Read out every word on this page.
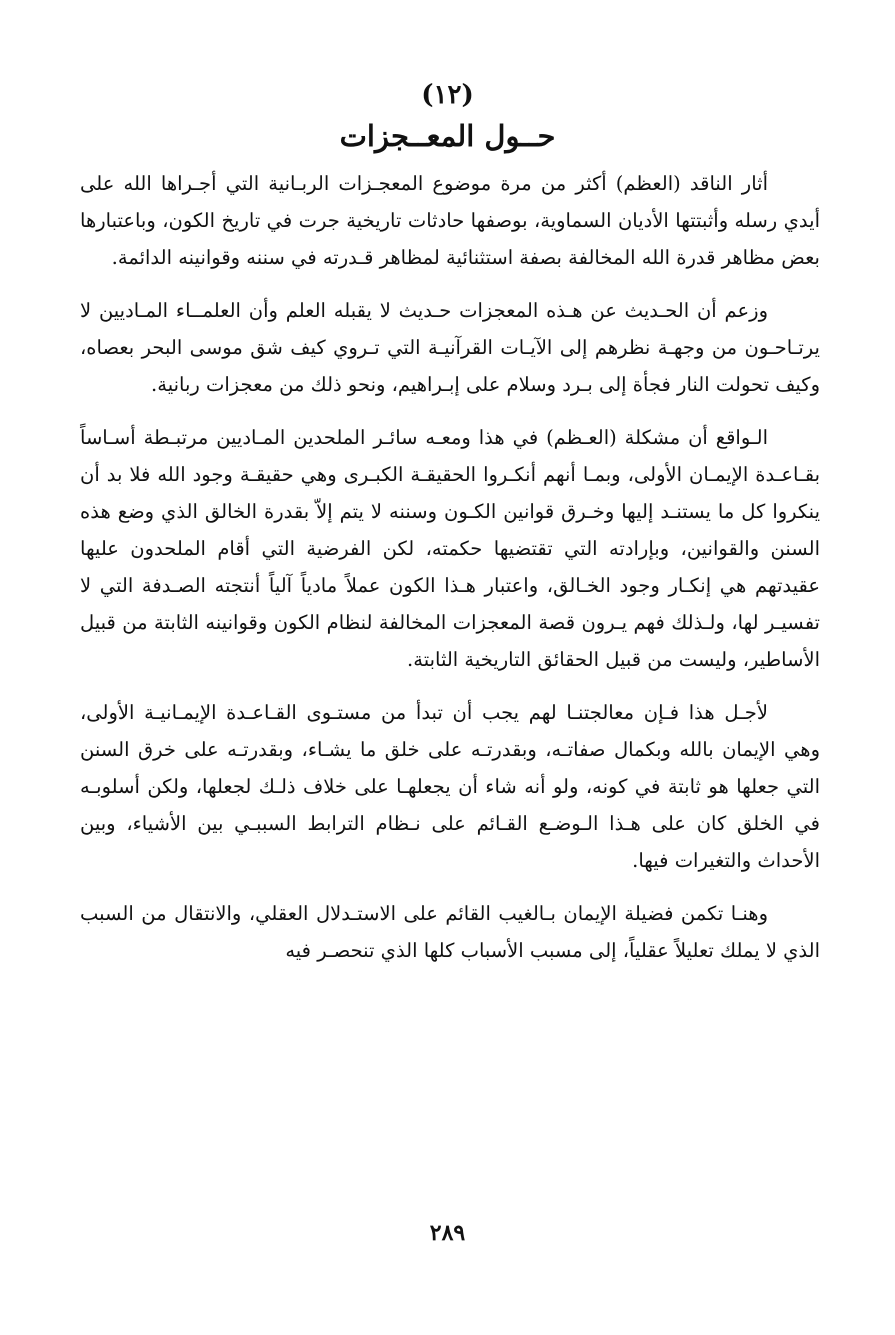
(١٢)
حــول المعــجزات

أثار الناقد (العظم) أكثر من مرة موضوع المعجـزات الربـانية التي أجـراها الله على أيدي رسله وأثبتتها الأديان السماوية، بوصفها حادثات تاريخية جرت في تاريخ الكون، وباعتبارها بعض مظاهر قدرة الله المخالفة بصفة استثنائية لمظاهر قـدرته في سننه وقوانينه الدائمة.

وزعم أن الحـديث عن هـذه المعجزات حـديث لا يقبله العلم وأن العلمــاء المـاديين لا يرتـاحـون من وجهـة نظرهم إلى الآيـات القرآنيـة التي تـروي كيف شق موسى البحر بعصاه، وكيف تحولت النار فجأة إلى بـرد وسلام على إبـراهيم، ونحو ذلك من معجزات ربانية.

الـواقع أن مشكلة (العـظم) في هذا ومعـه سائـر الملحدين المـاديين مرتبـطة أسـاساً بقـاعـدة الإيمـان الأولى، وبمـا أنهم أنكـروا الحقيقـة الكبـرى وهي حقيقـة وجود الله فلا بد أن ينكروا كل ما يستنـد إليها وخـرق قوانين الكـون وسننه لا يتم إلاّ بقدرة الخالق الذي وضع هذه السنن والقوانين، وبإرادته التي تقتضيها حكمته، لكن الفرضية التي أقام الملحدون عليها عقيدتهم هي إنكـار وجود الخـالق، واعتبار هـذا الكون عملاً مادياً آلياً أنتجته الصـدفة التي لا تفسيـر لها، ولـذلك فهم يـرون قصة المعجزات المخالفة لنظام الكون وقوانينه الثابتة من قبيل الأساطير، وليست من قبيل الحقائق التاريخية الثابتة.

لأجـل هذا فـإن معالجتنـا لهم يجب أن تبدأ من مستـوى القـاعـدة الإيمـانيـة الأولى، وهي الإيمان بالله وبكمال صفاتـه، وبقدرتـه على خلق ما يشـاء، وبقدرتـه على خرق السنن التي جعلها هو ثابتة في كونه، ولو أنه شاء أن يجعلهـا على خلاف ذلـك لجعلها، ولكن أسلوبـه في الخلق كان على هـذا الـوضـع القـائم على نـظام الترابط السببـي بين الأشياء، وبين الأحداث والتغيرات فيها.

وهنـا تكمن فضيلة الإيمان بـالغيب القائم على الاستـدلال العقلي، والانتقال من السبب الذي لا يملك تعليلاً عقلياً، إلى مسبب الأسباب كلها الذي تنحصـر فيه

٢٨٩
